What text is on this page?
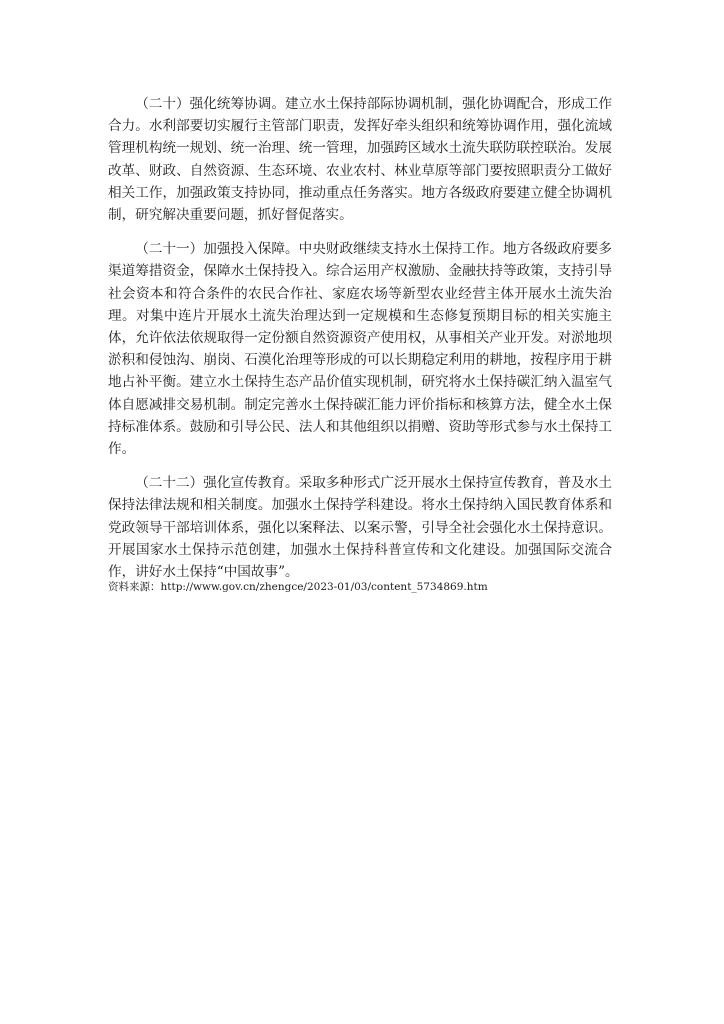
（二十）强化统筹协调。建立水土保持部际协调机制，强化协调配合，形成工作合力。水利部要切实履行主管部门职责，发挥好牵头组织和统筹协调作用，强化流域管理机构统一规划、统一治理、统一管理，加强跨区域水土流失联防联控联治。发展改革、财政、自然资源、生态环境、农业农村、林业草原等部门要按照职责分工做好相关工作，加强政策支持协同，推动重点任务落实。地方各级政府要建立健全协调机制，研究解决重要问题，抓好督促落实。

（二十一）加强投入保障。中央财政继续支持水土保持工作。地方各级政府要多渠道筹措资金，保障水土保持投入。综合运用产权激励、金融扶持等政策，支持引导社会资本和符合条件的农民合作社、家庭农场等新型农业经营主体开展水土流失治理。对集中连片开展水土流失治理达到一定规模和生态修复预期目标的相关实施主体，允许依法依规取得一定份额自然资源资产使用权，从事相关产业开发。对淤地坝淤积和侵蚀沟、崩岗、石漠化治理等形成的可以长期稳定利用的耕地，按程序用于耕地占补平衡。建立水土保持生态产品价值实现机制，研究将水土保持碳汇纳入温室气体自愿减排交易机制。制定完善水土保持碳汇能力评价指标和核算方法，健全水土保持标准体系。鼓励和引导公民、法人和其他组织以捐赠、资助等形式参与水土保持工作。

（二十二）强化宣传教育。采取多种形式广泛开展水土保持宣传教育，普及水土保持法律法规和相关制度。加强水土保持学科建设。将水土保持纳入国民教育体系和党政领导干部培训体系，强化以案释法、以案示警，引导全社会强化水土保持意识。开展国家水土保持示范创建，加强水土保持科普宣传和文化建设。加强国际交流合作，讲好水土保持“中国故事”。

资料来源：http://www.gov.cn/zhengce/2023-01/03/content_5734869.htm
